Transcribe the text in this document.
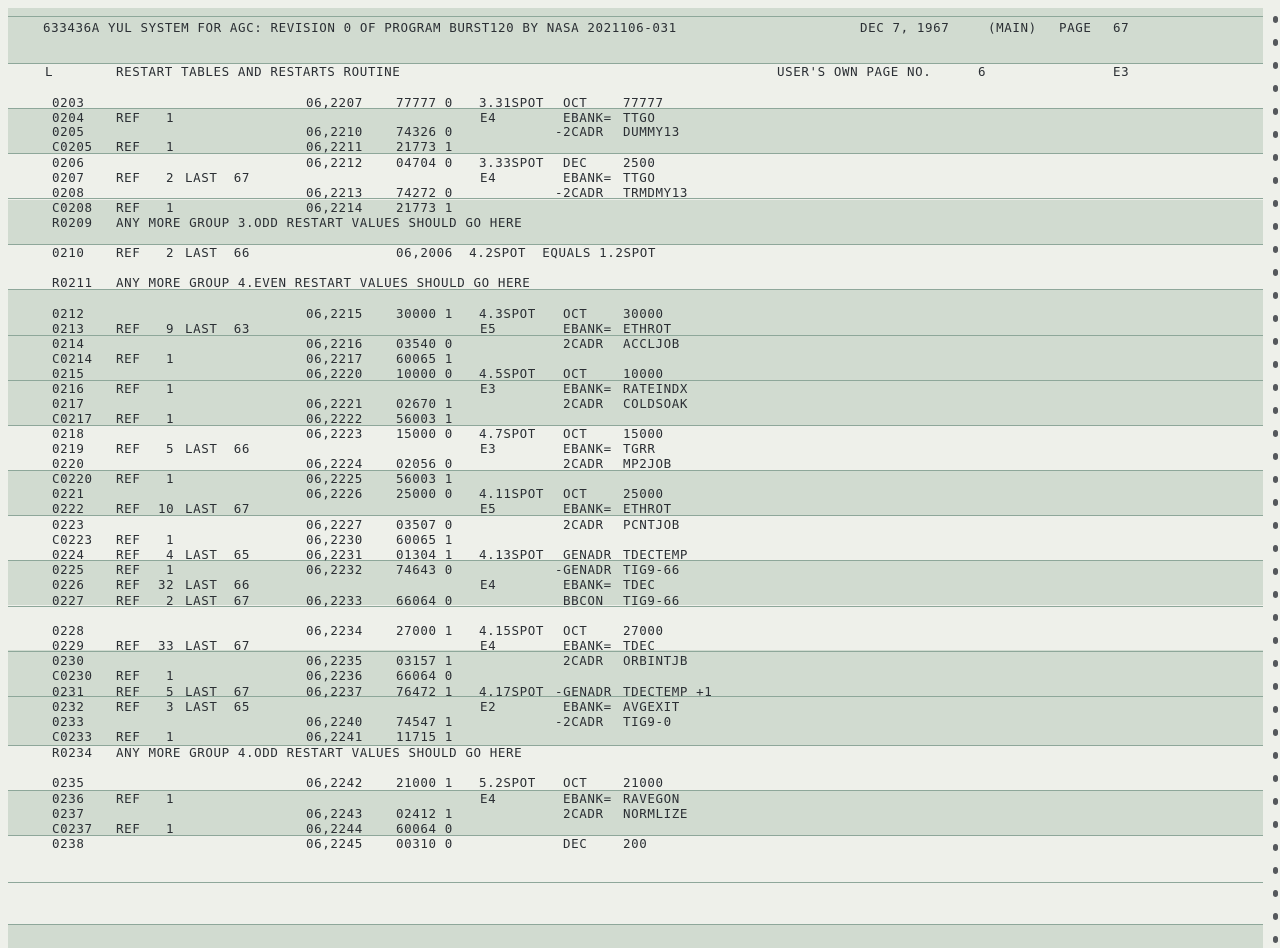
633436A YUL SYSTEM FOR AGC: REVISION 0 OF PROGRAM BURST120 BY NASA 2021106-031	DEC 7, 1967	(MAIN) PAGE 67
L	RESTART TABLES AND RESTARTS ROUTINE	USER'S OWN PAGE NO.	6	E3
0203	06,2207	77777 0 3.31SPOT OCT	77777
0204	REF 1	E4	EBANK= TTGO
0205	06,2210	74326 0	-2CADR DUMMY13
C0205 REF 1	06,2211	21773 1
0206	06,2212	04704 0 3.33SPOT DEC	2500
0207	REF 2 LAST  67	E4	EBANK= TTGO
0208	06,2213	74272 0	-2CADR TRMDMY13
C0208 REF 1	06,2214	21773 1
R0209 ANY MORE GROUP 3.ODD RESTART VALUES SHOULD GO HERE
0210	REF 2 LAST  66	06,2006  4.2SPOT  EQUALS 1.2SPOT
R0211 ANY MORE GROUP 4.EVEN RESTART VALUES SHOULD GO HERE
0212	06,2215	30000 1 4.3SPOT OCT	30000
0213	REF 9 LAST  63	E5	EBANK= ETHROT
0214	06,2216	03540 0	2CADR ACCLJOB
C0214 REF 1	06,2217	60065 1
0215	06,2220	10000 0 4.5SPOT OCT	10000
0216	REF 1	E3	EBANK= RATEINDX
0217	06,2221	02670 1	2CADR COLDSOAK
C0217 REF 1	06,2222	56003 1
0218	06,2223	15000 0 4.7SPOT OCT	15000
0219	REF 5 LAST  66	E3	EBANK= TGRR
0220	06,2224	02056 0	2CADR MP2JOB
C0220 REF 1	06,2225	56003 1
0221	06,2226	25000 0 4.11SPOT OCT	25000
0222	REF 10 LAST  67	E5	EBANK= ETHROT
0223	06,2227	03507 0	2CADR PCNTJOB
C0223 REF 1	06,2230	60065 1
0224	REF 4 LAST  65	06,2231	01304 1 4.13SPOT GENADR TDECTEMP
0225	REF 1	06,2232	74643 0	-GENADR TIG9-66
0226	REF 32 LAST  66	E4	EBANK= TDEC
0227	REF 2 LAST  67	06,2233	66064 0	BBCON TIG9-66
0228	06,2234	27000 1 4.15SPOT OCT	27000
0229	REF 33 LAST  67	E4	EBANK= TDEC
0230	06,2235	03157 1	2CADR ORBINTJB
C0230 REF 1	06,2236	66064 0
0231	REF 5 LAST  67	06,2237	76472 1 4.17SPOT -GENADR TDECTEMP +1
0232	REF 3 LAST  65	E2	EBANK= AVGEXIT
0233	06,2240	74547 1	-2CADR TIG9-0
C0233 REF 1	06,2241	11715 1
R0234 ANY MORE GROUP 4.ODD RESTART VALUES SHOULD GO HERE
0235	06,2242	21000 1 5.2SPOT OCT	21000
0236	REF 1	E4	EBANK= RAVEGON
0237	06,2243	02412 1	2CADR NORMLIZE
C0237 REF 1	06,2244	60064 0
0238	06,2245	00310 0	DEC	200
